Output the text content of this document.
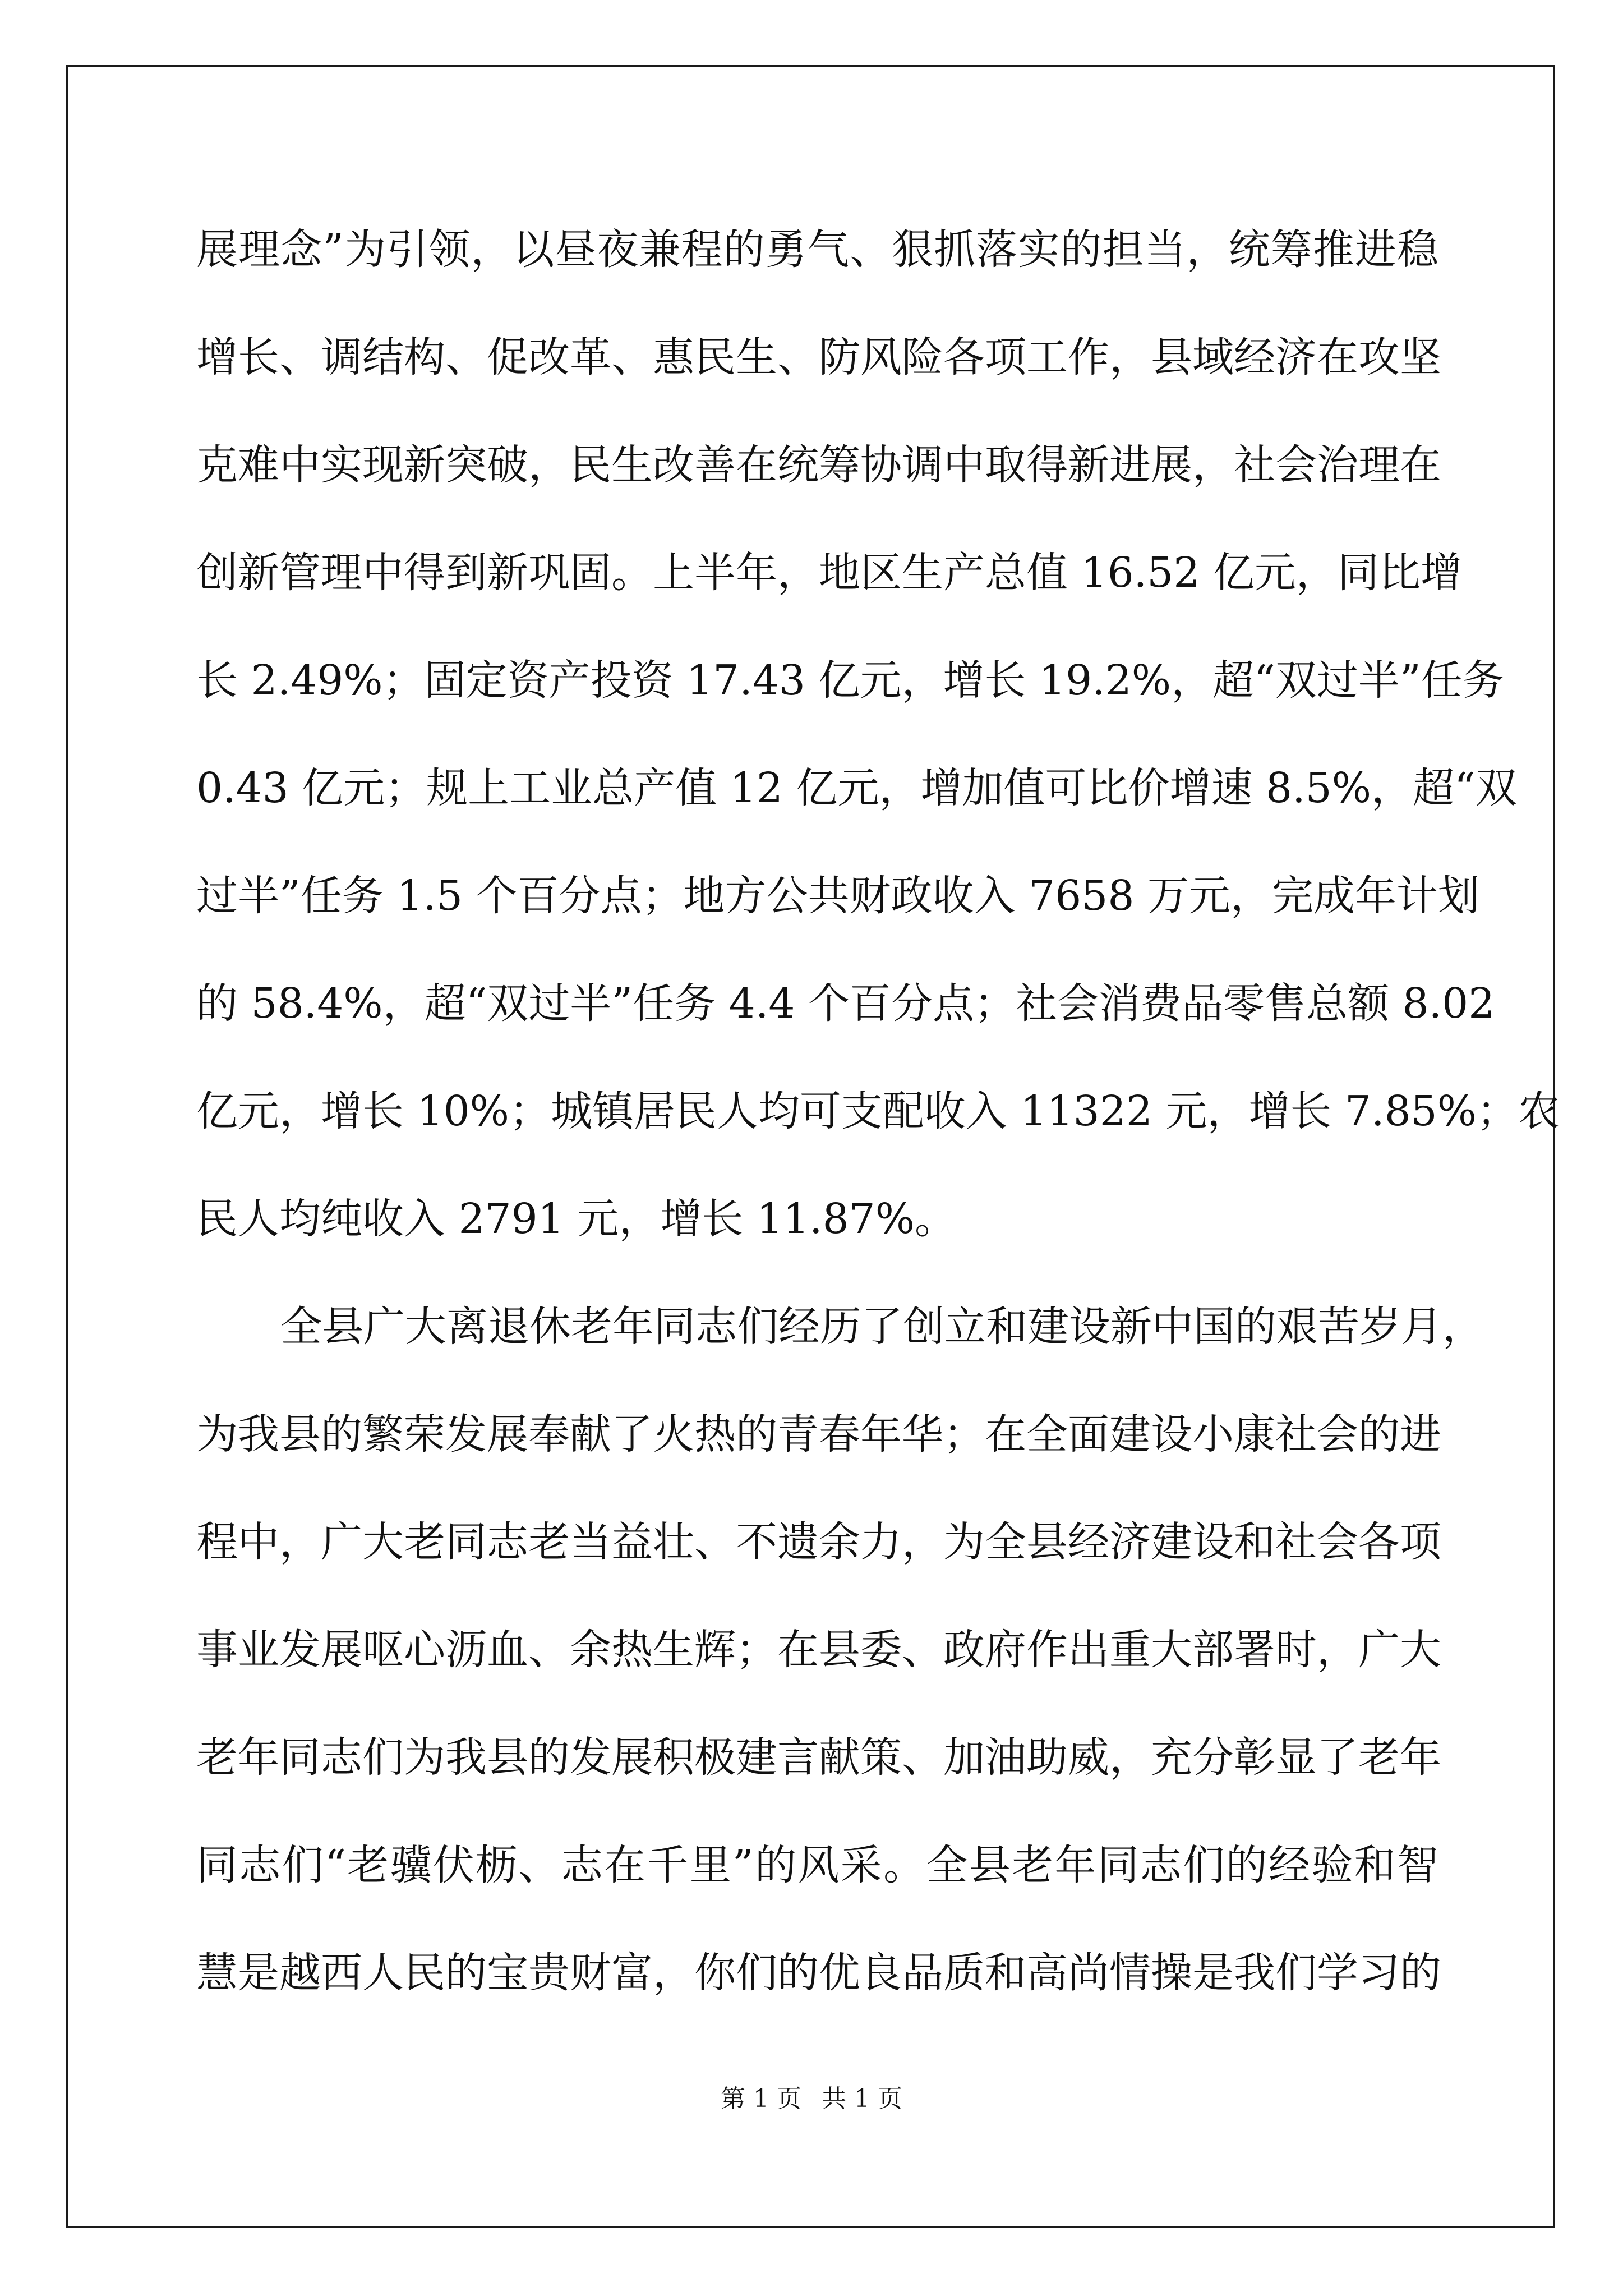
展理念”为引领，以昼夜兼程的勇气、狠抓落实的担当，统筹推进稳
增长、调结构、促改革、惠民生、防风险各项工作，县域经济在攻坚
克难中实现新突破，民生改善在统筹协调中取得新进展，社会治理在
创新管理中得到新巩固。上半年，地区生产总值 16.52 亿元，同比增
长 2.49%；固定资产投资 17.43 亿元，增长 19.2%，超“双过半”任务
0.43 亿元；规上工业总产值 12 亿元，增加值可比价增速 8.5%，超“双
过半”任务 1.5 个百分点；地方公共财政收入 7658 万元，完成年计划
的 58.4%，超“双过半”任务 4.4 个百分点；社会消费品零售总额 8.02
亿元，增长 10%；城镇居民人均可支配收入 11322 元，增长 7.85%；农
民人均纯收入 2791 元，增长 11.87%。
全县广大离退休老年同志们经历了创立和建设新中国的艰苦岁月，
为我县的繁荣发展奉献了火热的青春年华；在全面建设小康社会的进
程中，广大老同志老当益壮、不遗余力，为全县经济建设和社会各项
事业发展呕心沥血、余热生辉；在县委、政府作出重大部署时，广大
老年同志们为我县的发展积极建言献策、加油助威，充分彰显了老年
同志们“老骥伏枥、志在千里”的风采。全县老年同志们的经验和智
慧是越西人民的宝贵财富，你们的优良品质和高尚情操是我们学习的
第 1 页 共 1 页
